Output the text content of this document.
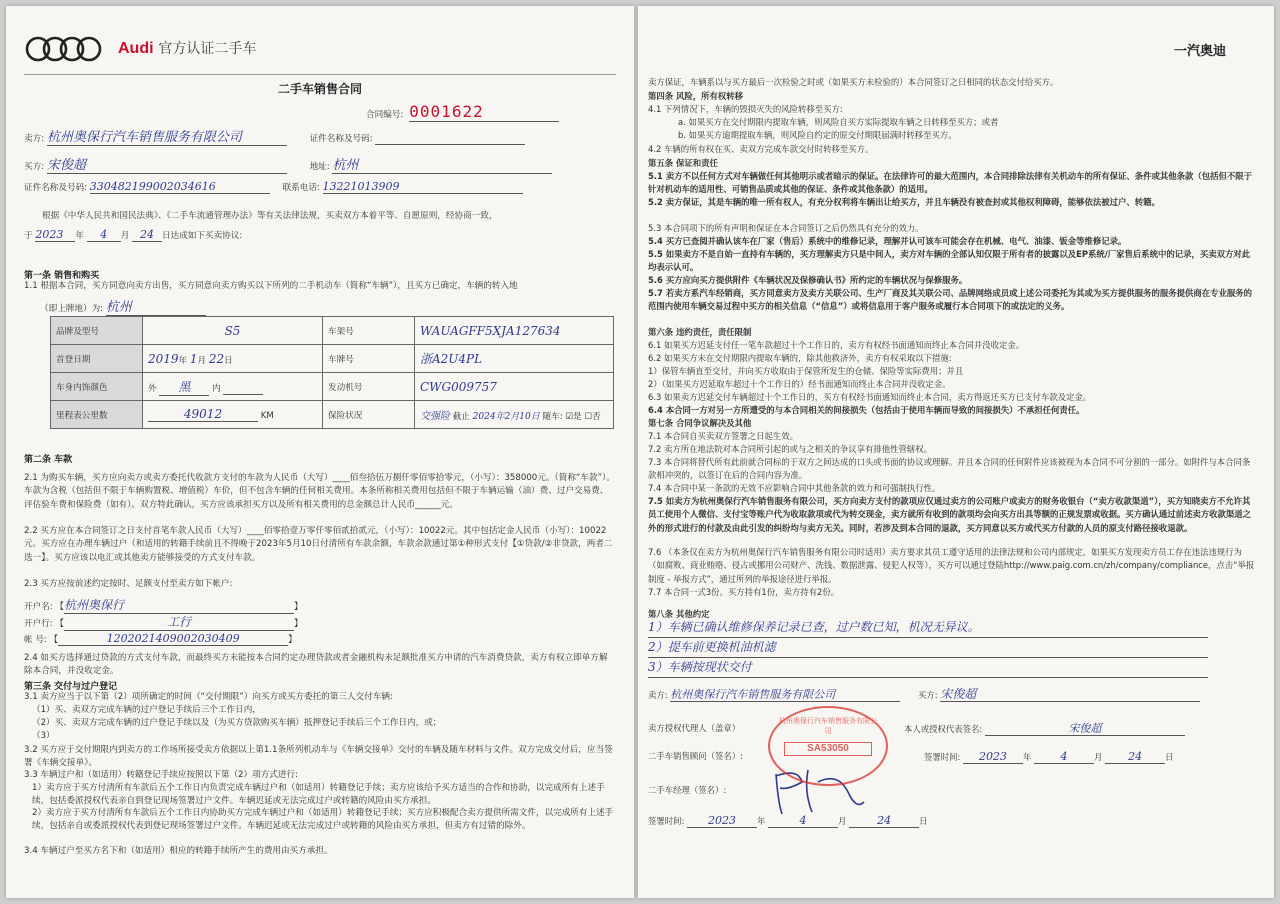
Audi 官方认证二手车
二手车销售合同
合同编号: 0001622
卖方: 杭州奥保行汽车销售服务有限公司	证件名称及号码:
买方: 宋俊超	地址: 杭州
证件名称及号码: 330482199002034616	联系电话: 13221013909
根据《中华人民共和国民法典》、《二手车流通管理办法》等有关法律法规，买卖双方本着平等、自愿原则，经协商一致，
于 2023 年 4 月 24 日达成如下买卖协议:
第一条 销售和购买
1.1 根据本合同，买方同意向卖方出售，买方同意向卖方购买以下所列的二手机动车（简称“车辆”），且买方已确定，车辆的转入地
（即上牌地）为: 杭州
品牌及型号	S5	车架号	WAUAGFF5XJA127634
首登日期	2019年 1月 22日	车牌号	浙A2U4PL
车身内饰颜色	外 黑 内	发动机号	CWG009757
里程表公里数	49012 KM	保险状况	交强险 截止 2024年2月10日 随车: ☑是 ☐否
第二条 车款
2.1 为购买车辆，买方应向卖方或卖方委托代收款方支付的车款为人民币（大写）____佰叁拾伍万捌仟零佰零拾零元，（小写）：358000元。（简称“车款”）。车款为含税（包括但不限于车辆购置税、增值税）车价，但不包含车辆的任何相关费用。本条所称相关费用包括但不限于车辆运输（油）费、过户交易费、评估验车费和保险费（如有）。双方特此确认，买方应该承担买方以及所有相关费用的总金额总计人民币______元。
2.2 买方应在本合同签订之日支付首笔车款人民币（大写）____佰零拾壹万零仟零佰贰拾贰元，（小写）：10022元。其中包括定金人民币（小写）：10022元。买方应在办理车辆过户（和适用的转籍手续前且不得晚于2023年5月10日付清所有车款余额，车款余款通过第①种形式支付【①贷款/②非贷款，两者二选一】。买方应该以电汇或其他卖方能够接受的方式支付车款。
2.3 买方应按前述约定按时、足额支付至卖方如下帐户:
开户名: 【杭州奥保行	】
开户行: 【	工行	】
帐 号: 【	1202021409002030409	】
2.4 如买方选择通过贷款的方式支付车款，而最终买方未能按本合同约定办理贷款或者金融机构未足额批准买方申请的汽车消费贷款，卖方有权立即单方解除本合同，并没收定金。
第三条 交付与过户登记
3.1 卖方应当于以下第（2）项所确定的时间（“交付期限”）向买方或买方委托的第三人交付车辆:
（1）买、卖双方完成车辆的过户登记手续后三个工作日内，
（2）买、卖双方完成车辆的过户登记手续以及（为买方贷款购买车辆）抵押登记手续后三个工作日内，或；
（3）
3.2 买方应于交付期限内到卖方的工作场所接受卖方依据以上第1.1条所列机动车与《车辆交接单》交付的车辆及随车材料与文件。双方完成交付后，应当签署《车辆交接单》。
3.3 车辆过户和（如适用）转籍登记手续应按照以下第（2）项方式进行:
1）卖方应于买方付清所有车款后五个工作日内负责完成车辆过户和（如适用）转籍登记手续；卖方应该给予买方适当的合作和协助，以完成所有上述手续，包括委派授权代表亲自到登记现场签署过户文件。车辆迟延或无法完成过户或转籍的风险由买方承担。
2）卖方应于买方付清所有车款后五个工作日内协助买方完成车辆过户和（如适用）转籍登记手续；买方应积极配合卖方提供所需文件，以完成所有上述手续，包括亲自或委派授权代表到登记现场签署过户文件。车辆迟延或无法完成过户或转籍的风险由买方承担，但卖方有过错的除外。
3.4 车辆过户至买方名下和（如适用）相应的转籍手续所产生的费用由买方承担。
一汽奥迪
卖方保证，车辆系以与买方最后一次检验之时或（如果买方未检验的）本合同签订之日相同的状态交付给买方。
第四条 风险，所有权转移
4.1 下列情况下，车辆的毁损灭失的风险转移至买方:
a. 如果买方在交付期限内提取车辆，则风险自买方实际提取车辆之日转移至买方；或者
b. 如果买方逾期提取车辆，则风险自约定的原交付期限届满时转移至买方。
4.2 车辆的所有权在买、卖双方完成车款交付时转移至买方。
第五条 保证和责任
5.1 卖方不以任何方式对车辆做任何其他明示或者暗示的保证。在法律许可的最大范围内，本合同排除法律有关机动车的所有保证、条件或其他条款（包括但不限于针对机动车的适用性、可销售品质或其他的保证、条件或其他条款）的适用。
5.2 卖方保证，其是车辆的唯一所有权人，有充分权利将车辆出让给买方，并且车辆没有被查封或其他权利障碍，能够依法被过户、转籍。
5.3 本合同项下的所有声明和保证在本合同签订之后仍然具有充分的效力。
5.4 买方已查阅并确认该车在厂家（售后）系统中的维修记录，理解并认可该车可能会存在机械、电气、油漆、钣金等维修记录。
5.5 如果卖方不是自始一直持有车辆的，买方理解卖方只是中间人，卖方对车辆的全部认知仅限于所有者的披露以及EP系统/厂家售后系统中的记录，买卖双方对此均表示认可。
5.6 买方应向买方提供附件《车辆状况及保修确认书》所约定的车辆状况与保修服务。
5.7 若卖方系汽车经销商，买方同意卖方及卖方关联公司、生产厂商及其关联公司、品牌网络成员或上述公司委托为其或为买方提供服务的服务提供商在专业服务的范围内使用车辆交易过程中买方的相关信息（“信息”）或将信息用于客户服务或履行本合同项下的或法定的义务。
第六条 违约责任，责任限制
6.1 如果买方迟延支付任一笔车款超过十个工作日的，卖方有权经书面通知而终止本合同并没收定金。
6.2 如果买方未在交付期限内提取车辆的，除其他救济外，卖方有权采取以下措施:
1）保管车辆直至交付，并向买方收取由于保管所发生的仓储、保险等实际费用；并且
2）（如果买方迟延取车超过十个工作日的）经书面通知而终止本合同并没收定金。
6.3 如果卖方迟延交付车辆超过十个工作日的，买方有权经书面通知而终止本合同，卖方得返还买方已支付车款及定金。
6.4 本合同一方对另一方所遭受的与本合同相关的间接损失（包括由于使用车辆而导致的间接损失）不承担任何责任。
第七条 合同争议解决及其他
7.1 本合同自买卖双方签署之日起生效。
7.2 卖方所在地法院对本合同所引起的或与之相关的争议享有排他性管辖权。
7.3 本合同将替代所有此前就合同标的于双方之间达成的口头或书面的协议或理解。并且本合同的任何附件应该被视为本合同不可分割的一部分。如附件与本合同条款相冲突的，以签订在后的合同内容为准。
7.4 本合同中某一条款的无效不应影响合同中其他条款的效力和可强制执行性。
7.5 如卖方为杭州奥保行汽车销售服务有限公司，买方向卖方支付的款项应仅通过卖方的公司账户或卖方的财务收银台（“卖方收款渠道”），买方知晓卖方不允许其员工使用个人微信、支付宝等账户代为收取款项或代为转交现金，卖方就所有收到的款项均会向买方出具等额的正规发票或收据。买方确认通过前述卖方收款渠道之外的形式进行的付款及由此引发的纠纷均与卖方无关。同时，若涉及到本合同的退款，买方同意以买方或代买方付款的人员的原支付路径接收退款。
7.6 （本条仅在卖方为杭州奥保行汽车销售服务有限公司时适用）卖方要求其员工遵守适用的法律法规和公司内部规定，如果买方发现卖方员工存在违法违规行为（如腐败、商业贿赂、侵占或挪用公司财产、洗钱、数据泄露、侵犯人权等），买方可以通过登陆http://www.paig.com.cn/zh/company/compliance，点击“举报制度 - 举报方式”，通过所列的举报途径进行举报。
7.7 本合同一式3份。买方持有1份，卖方持有2份。
第八条 其他约定
1）车辆已确认维修保养记录已查，过户数已知，机况无异议。
2）提车前更换机油机滤
3）车辆按现状交付
卖方: 杭州奥保行汽车销售服务有限公司	买方: 宋俊超
卖方授权代理人（盖章）	本人或授权代表签名:	宋俊超
二手车销售顾问（签名）:	签署时间: 2023 年	4	月 24	日
二手车经理（签名）:
签署时间: 2023	年	4	月	24	日
杭州奥保行汽车销售服务有限公司
SA53050
